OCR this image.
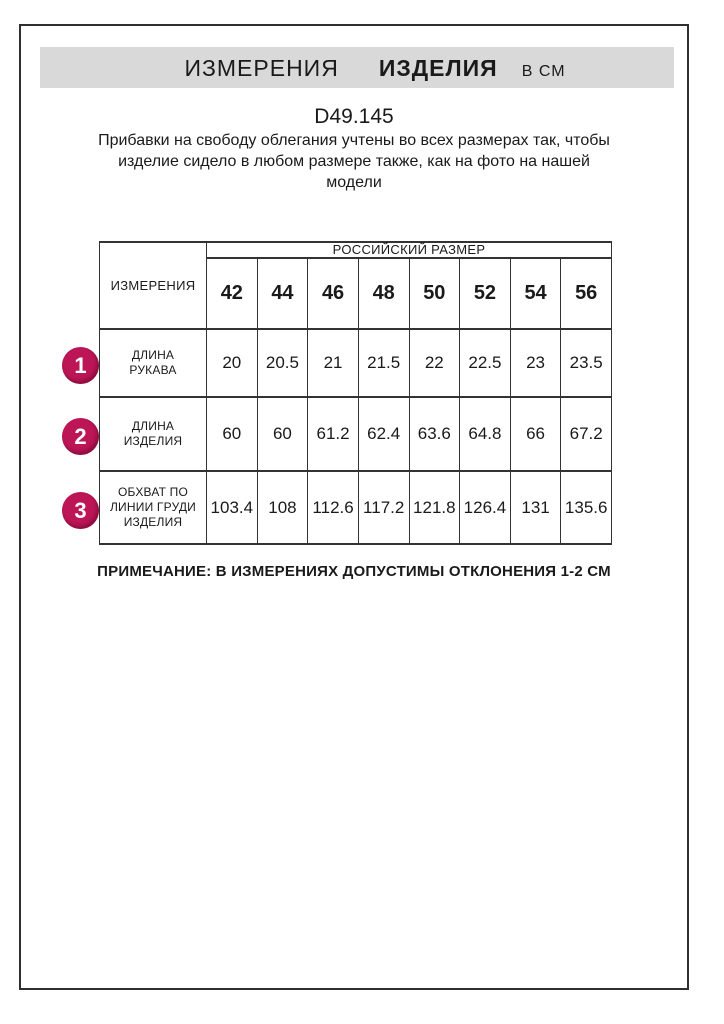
ИЗМЕРЕНИЯ ИЗДЕЛИЯ В СМ
D49.145
Прибавки на свободу облегания учтены во всех размерах так, чтобы
изделие сидело в любом размере также, как на фото на нашей
модели
ИЗМЕРЕНИЯ	РОССИЙСКИЙ РАЗМЕР							
	42	44	46	48	50	52	54	56
ДЛИНА РУКАВА	20	20.5	21	21.5	22	22.5	23	23.5
ДЛИНА ИЗДЕЛИЯ	60	60	61.2	62.4	63.6	64.8	66	67.2
ОБХВАТ ПО ЛИНИИ ГРУДИ ИЗДЕЛИЯ	103.4	108	112.6	117.2	121.8	126.4	131	135.6
1
2
3
ПРИМЕЧАНИЕ: В ИЗМЕРЕНИЯХ ДОПУСТИМЫ ОТКЛОНЕНИЯ 1-2 СМ
